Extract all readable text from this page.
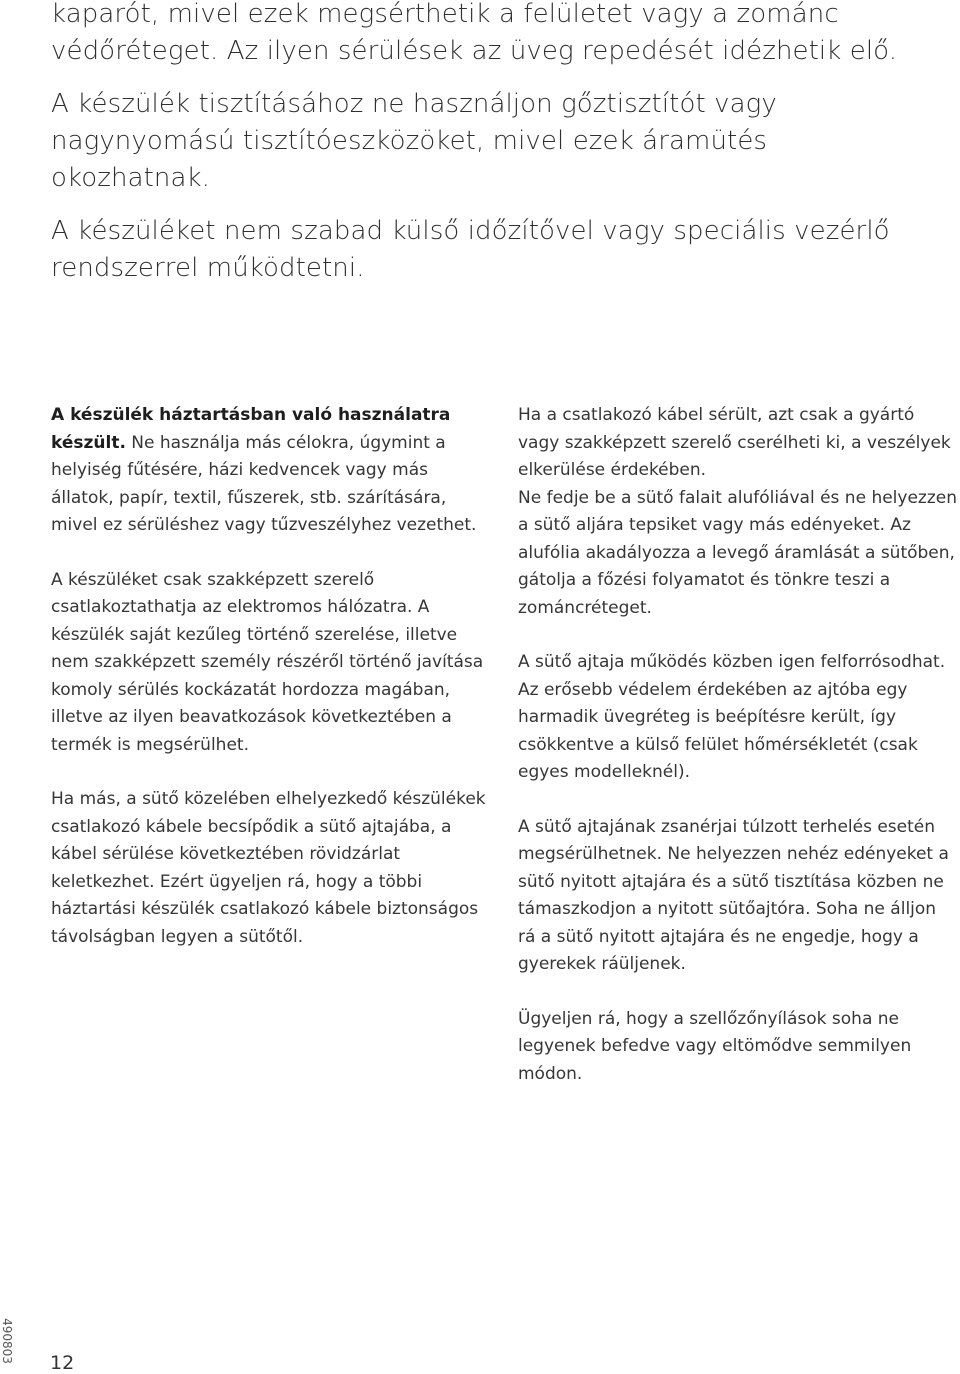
kaparót, mivel ezek megsérthetik a felületet vagy a zománc védőréteget. Az ilyen sérülések az üveg repedését idézhetik elő.

A készülék tisztításához ne használjon gőztisztítót vagy nagynyomású tisztítóeszközöket, mivel ezek áramütés okozhatnak.

A készüléket nem szabad külső időzítővel vagy speciális vezérlő rendszerrel működtetni.

A készülék háztartásban való használatra készült. Ne használja más célokra, úgymint a helyiség fűtésére, házi kedvencek vagy más állatok, papír, textil, fűszerek, stb. szárítására, mivel ez sérüléshez vagy tűzveszélyhez vezethet.

A készüléket csak szakképzett szerelő csatlakoztathatja az elektromos hálózatra. A készülék saját kezűleg történő szerelése, illetve nem szakképzett személy részéről történő javítása komoly sérülés kockázatát hordozza magában, illetve az ilyen beavatkozások következtében a termék is megsérülhet.

Ha más, a sütő közelében elhelyezkedő készülékek csatlakozó kábele becsípődik a sütő ajtajába, a kábel sérülése következtében rövidzárlat keletkezhet. Ezért ügyeljen rá, hogy a többi háztartási készülék csatlakozó kábele biztonságos távolságban legyen a sütőtől.

Ha a csatlakozó kábel sérült, azt csak a gyártó vagy szakképzett szerelő cserélheti ki, a veszélyek elkerülése érdekében.

Ne fedje be a sütő falait alufóliával és ne helyezzen a sütő aljára tepsiket vagy más edényeket. Az alufólia akadályozza a levegő áramlását a sütőben, gátolja a főzési folyamatot és tönkre teszi a zománcréteget.

A sütő ajtaja működés közben igen felforrósodhat. Az erősebb védelem érdekében az ajtóba egy harmadik üvegréteg is beépítésre került, így csökkentve a külső felület hőmérsékletét (csak egyes modelleknél).

A sütő ajtajának zsanérjai túlzott terhelés esetén megsérülhetnek. Ne helyezzen nehéz edényeket a sütő nyitott ajtajára és a sütő tisztítása közben ne támaszkodjon a nyitott sütőajtóra. Soha ne álljon rá a sütő nyitott ajtajára és ne engedje, hogy a gyerekek ráüljenek.

Ügyeljen rá, hogy a szellőzőnyílások soha ne legyenek befedve vagy eltömődve semmilyen módon.

490803 12
